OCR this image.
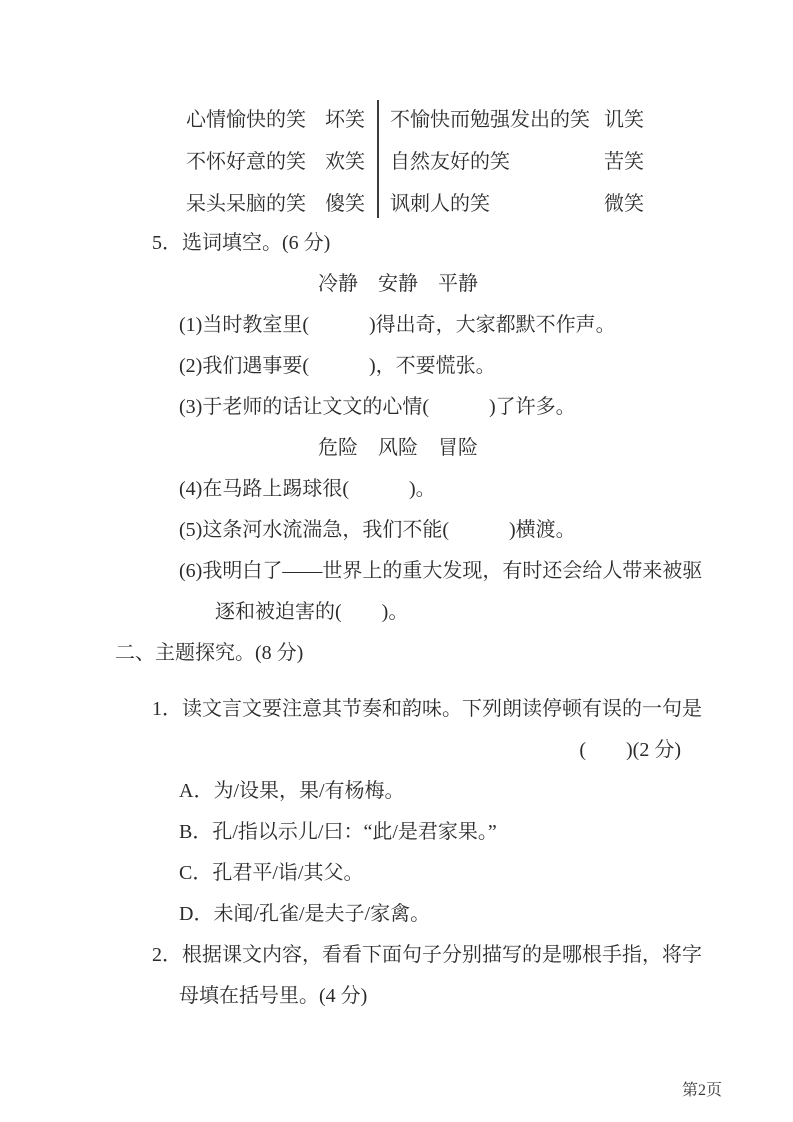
心情愉快的笑 坏笑
不怀好意的笑 欢笑
呆头呆脑的笑 傻笑
不愉快而勉强发出的笑 讥笑
自然友好的笑	苦笑
讽刺人的笑	微笑
5．选词填空。(6 分)
冷静　安静　平静
(1)当时教室里(　　　)得出奇，大家都默不作声。
(2)我们遇事要(　　　)，不要慌张。
(3)于老师的话让文文的心情(　　　)了许多。
危险　风险　冒险
(4)在马路上踢球很(　　　)。
(5)这条河水流湍急，我们不能(　　　)横渡。
(6)我明白了——世界上的重大发现，有时还会给人带来被驱
逐和被迫害的(　　)。
二、主题探究。(8 分)
1．读文言文要注意其节奏和韵味。下列朗读停顿有误的一句是
(　　)(2 分)
A．为/设果，果/有杨梅。
B．孔/指以示儿/曰：“此/是君家果。”
C．孔君平/诣/其父。
D．未闻/孔雀/是夫子/家禽。
2．根据课文内容，看看下面句子分别描写的是哪根手指，将字
母填在括号里。(4 分)
第2页
